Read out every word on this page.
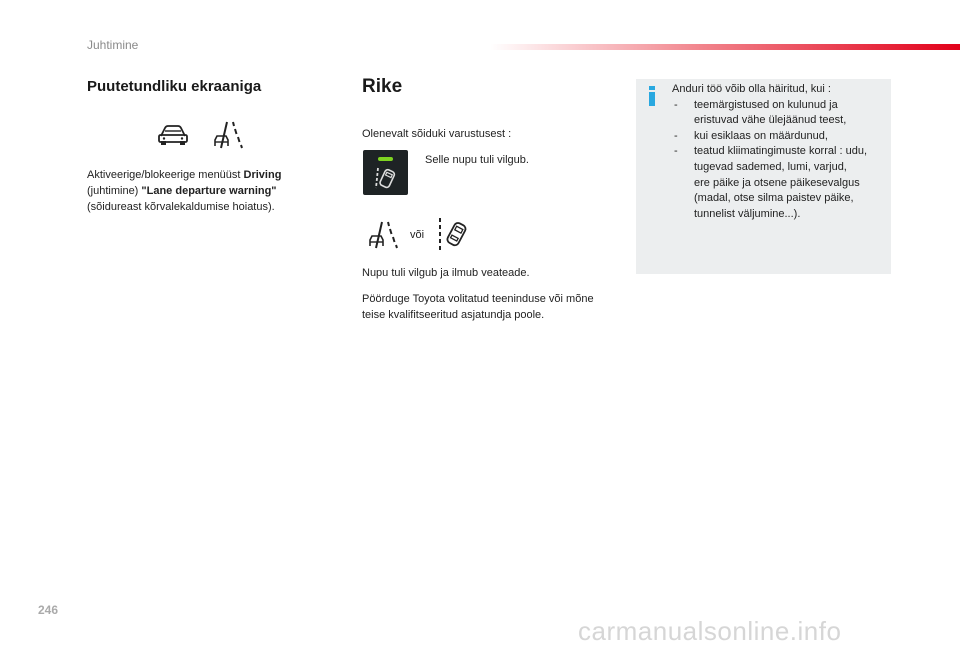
Juhtimine
Puutetundliku ekraaniga
Aktiveerige/blokeerige menüüst Driving
(juhtimine) "Lane departure warning"
(sõidureast kõrvalekaldumise hoiatus).
Rike
Olenevalt sõiduki varustusest :
Selle nupu tuli vilgub.
või
Nupu tuli vilgub ja ilmub veateade.
Pöörduge Toyota volitatud teeninduse või mõne
teise kvalifitseeritud asjatundja poole.
Anduri töö võib olla häiritud, kui :
- teemärgistused on kulunud ja
eristuvad vähe ülejäänud teest,
- kui esiklaas on määrdunud,
- teatud kliimatingimuste korral : udu,
tugevad sademed, lumi, varjud,
ere päike ja otsene päikesevalgus
(madal, otse silma paistev päike,
tunnelist väljumine...).
246
carmanualsonline.info
